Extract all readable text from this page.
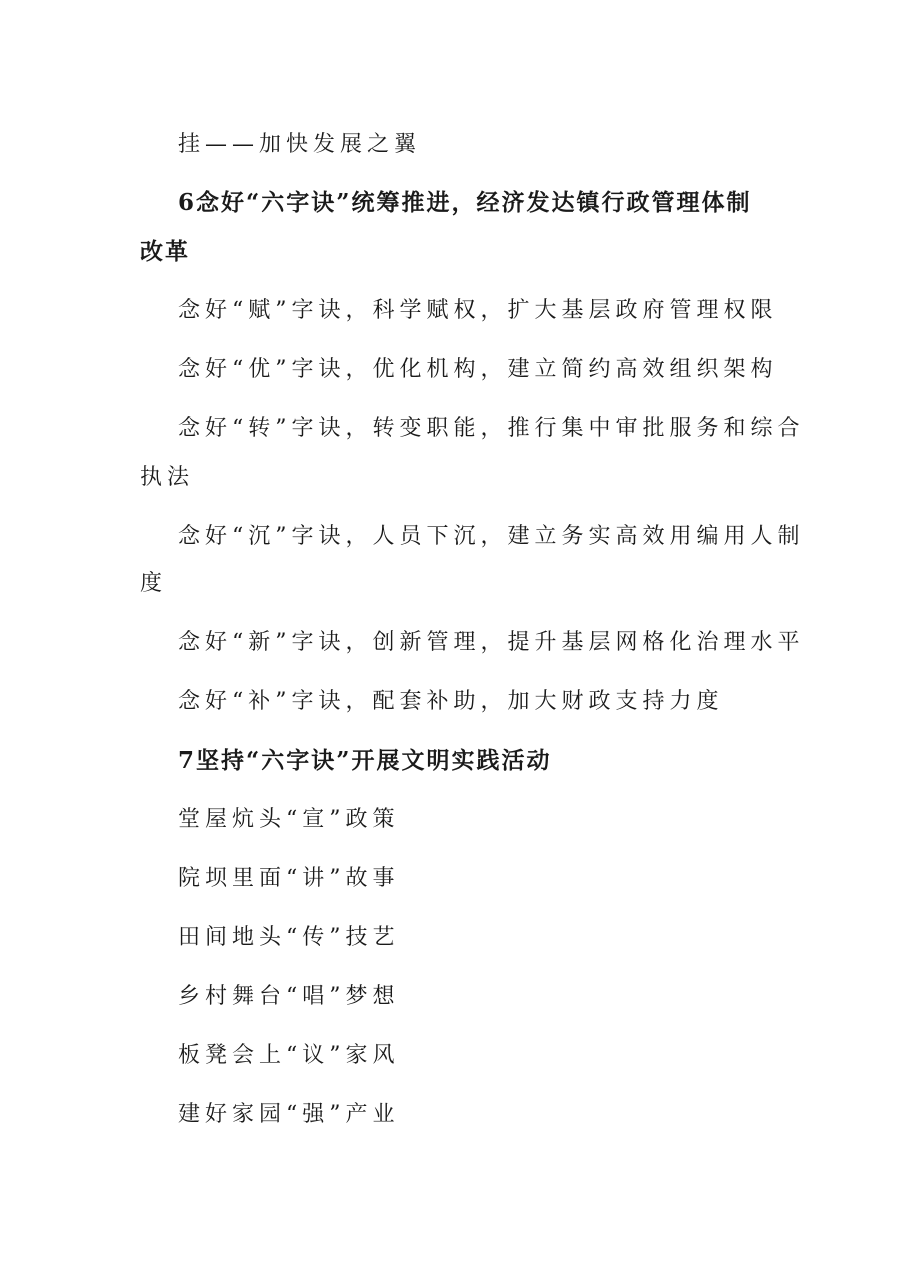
挂——加快发展之翼
6念好“六字诀”统筹推进，经济发达镇行政管理体制
改革
念好“赋”字诀，科学赋权，扩大基层政府管理权限
念好“优”字诀，优化机构，建立简约高效组织架构
念好“转”字诀，转变职能，推行集中审批服务和综合
执法
念好“沉”字诀，人员下沉，建立务实高效用编用人制
度
念好“新”字诀，创新管理，提升基层网格化治理水平
念好“补”字诀，配套补助，加大财政支持力度
7坚持“六字诀”开展文明实践活动
堂屋炕头“宣”政策
院坝里面“讲”故事
田间地头“传”技艺
乡村舞台“唱”梦想
板凳会上“议”家风
建好家园“强”产业
